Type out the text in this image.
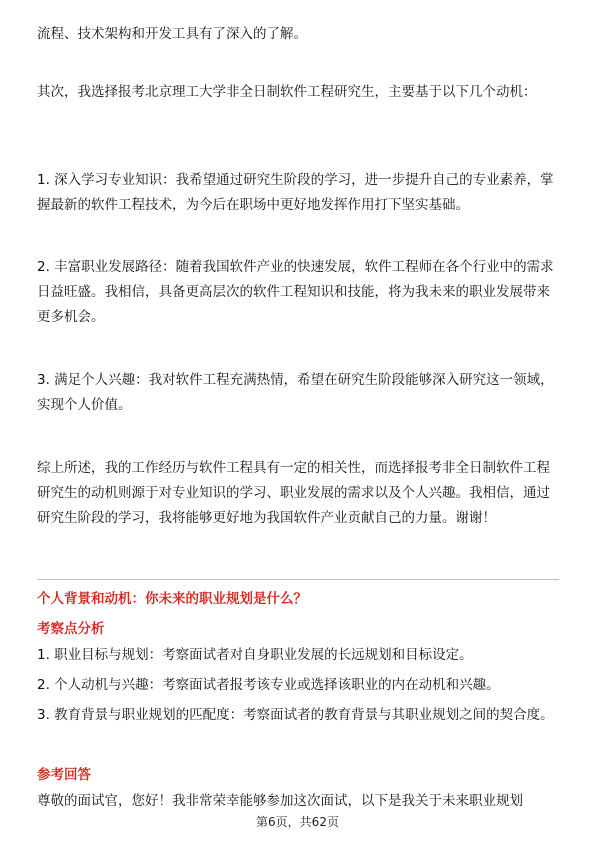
流程、技术架构和开发工具有了深入的了解。

其次，我选择报考北京理工大学非全日制软件工程研究生，主要基于以下几个动机：

1. 深入学习专业知识：我希望通过研究生阶段的学习，进一步提升自己的专业素养，掌握最新的软件工程技术，为今后在职场中更好地发挥作用打下坚实基础。

2. 丰富职业发展路径：随着我国软件产业的快速发展，软件工程师在各个行业中的需求日益旺盛。我相信，具备更高层次的软件工程知识和技能，将为我未来的职业发展带来更多机会。

3. 满足个人兴趣：我对软件工程充满热情，希望在研究生阶段能够深入研究这一领域，实现个人价值。

综上所述，我的工作经历与软件工程具有一定的相关性，而选择报考非全日制软件工程研究生的动机则源于对专业知识的学习、职业发展的需求以及个人兴趣。我相信，通过研究生阶段的学习，我将能够更好地为我国软件产业贡献自己的力量。谢谢！

个人背景和动机：你未来的职业规划是什么？
考察点分析
1. 职业目标与规划：考察面试者对自身职业发展的长远规划和目标设定。
2. 个人动机与兴趣：考察面试者报考该专业或选择该职业的内在动机和兴趣。
3. 教育背景与职业规划的匹配度：考察面试者的教育背景与其职业规划之间的契合度。
参考回答
尊敬的面试官，您好！我非常荣幸能够参加这次面试，以下是我关于未来职业规划
第6页，共62页
